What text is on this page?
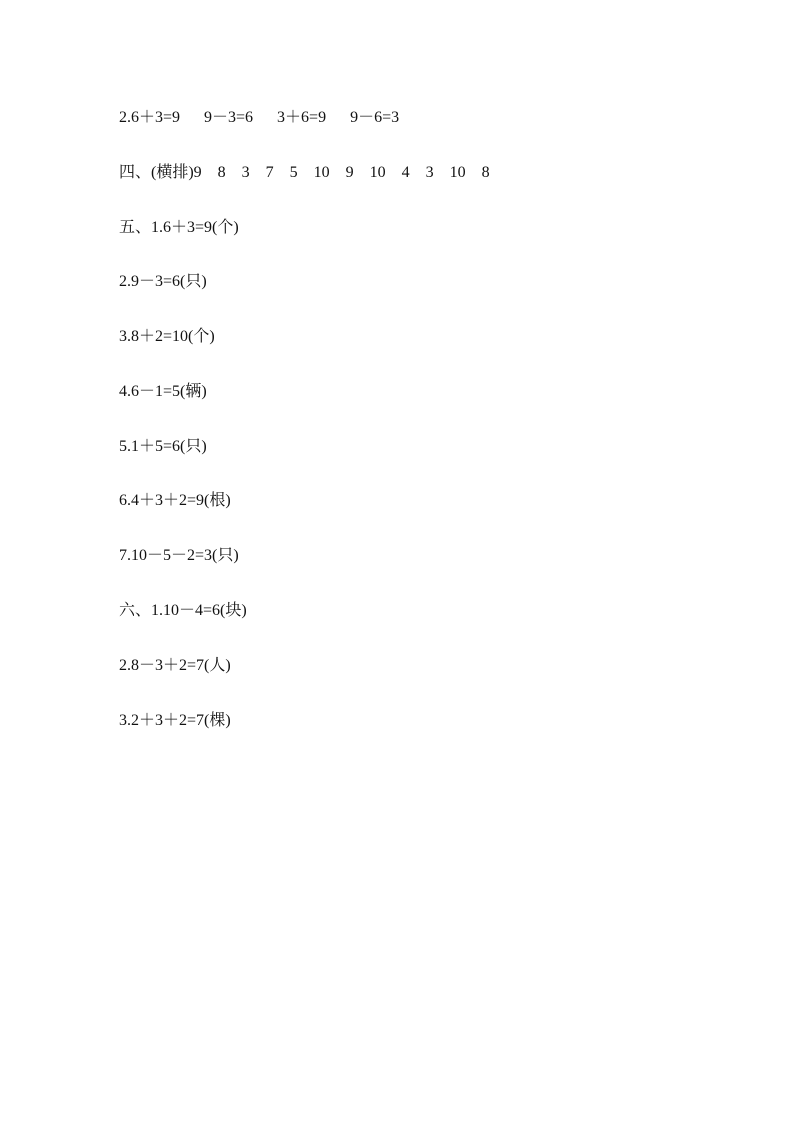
2.6＋3=9      9－3=6      3＋6=9      9－6=3
四、(横排)9    8    3    7    5    10    9    10    4    3    10    8
五、1.6＋3=9(个)
2.9－3=6(只)
3.8＋2=10(个)
4.6－1=5(辆)
5.1＋5=6(只)
6.4＋3＋2=9(根)
7.10－5－2=3(只)
六、1.10－4=6(块)
2.8－3＋2=7(人)
3.2＋3＋2=7(棵)
